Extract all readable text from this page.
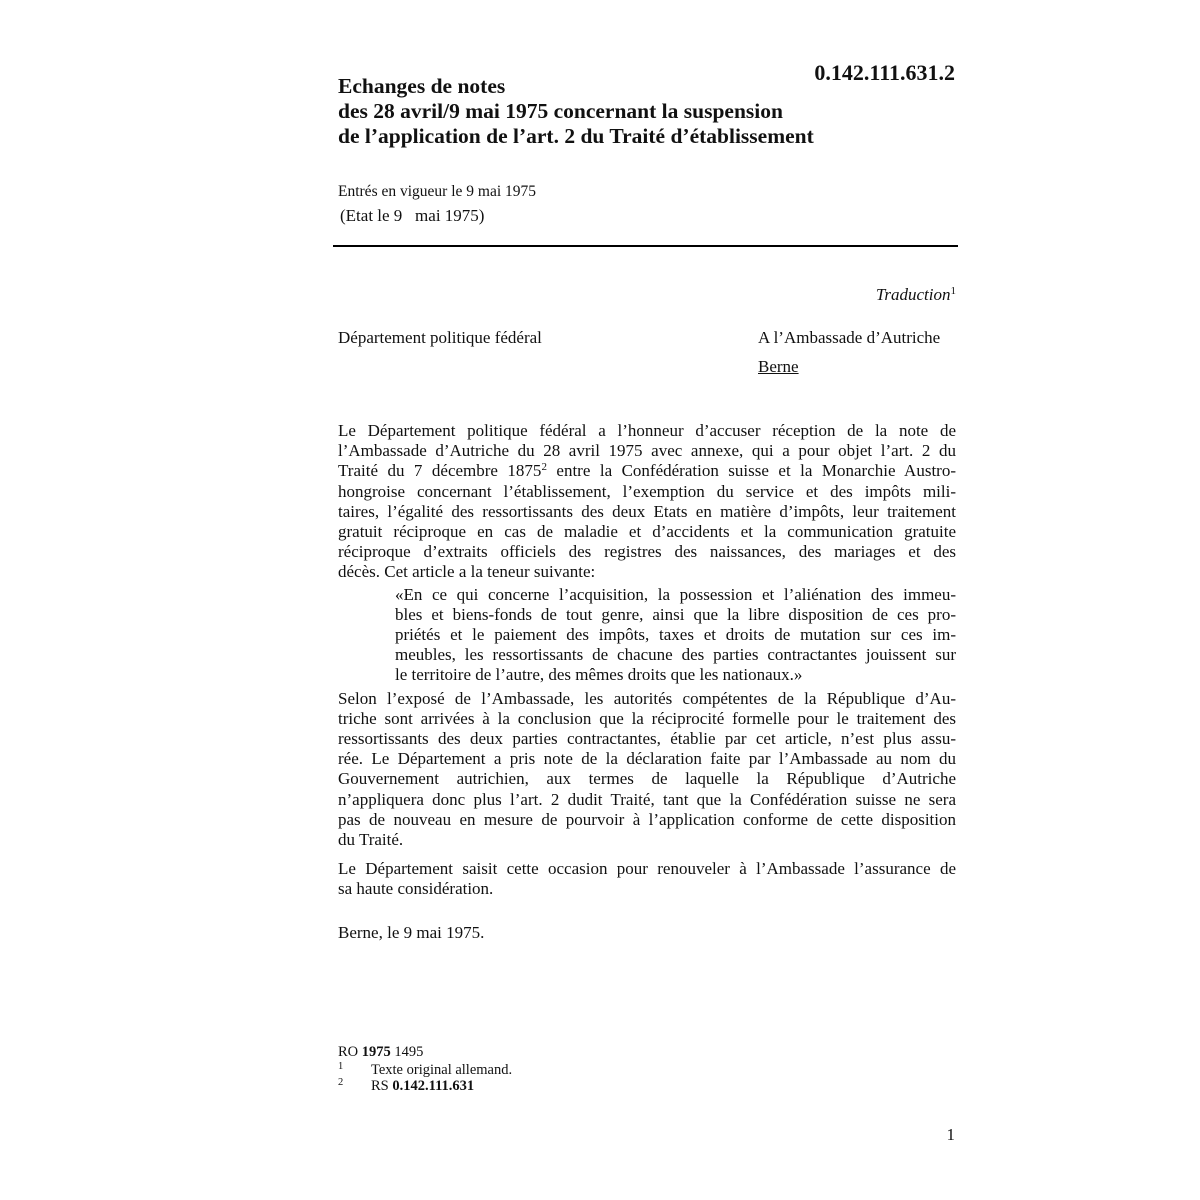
0.142.111.631.2
Echanges de notes
des 28 avril/9 mai 1975 concernant la suspension
de l’application de l’art. 2 du Traité d’établissement
Entrés en vigueur le 9 mai 1975
(Etat le 9   mai 1975)
Traduction$^1$
Département politique fédéral	A l’Ambassade d’Autriche
Berne

Le Département politique fédéral a l’honneur d’accuser réception de la note de
l’Ambassade d’Autriche du 28 avril 1975 avec annexe, qui a pour objet l’art. 2 du
Traité du 7 décembre 1875$^2$ entre la Confédération suisse et la Monarchie Austro-
hongroise concernant l’établissement, l’exemption du service et des impôts mili-
taires, l’égalité des ressortissants des deux Etats en matière d’impôts, leur traitement
gratuit réciproque en cas de maladie et d’accidents et la communication gratuite
réciproque d’extraits officiels des registres des naissances, des mariages et des
décès. Cet article a la teneur suivante:

«En ce qui concerne l’acquisition, la possession et l’aliénation des immeu-
bles et biens-fonds de tout genre, ainsi que la libre disposition de ces pro-
priétés et le paiement des impôts, taxes et droits de mutation sur ces im-
meubles, les ressortissants de chacune des parties contractantes jouissent sur
le territoire de l’autre, des mêmes droits que les nationaux.»

Selon l’exposé de l’Ambassade, les autorités compétentes de la République d’Au-
triche sont arrivées à la conclusion que la réciprocité formelle pour le traitement des
ressortissants des deux parties contractantes, établie par cet article, n’est plus assu-
rée. Le Département a pris note de la déclaration faite par l’Ambassade au nom du
Gouvernement autrichien, aux termes de laquelle la République d’Autriche
n’appliquera donc plus l’art. 2 dudit Traité, tant que la Confédération suisse ne sera
pas de nouveau en mesure de pourvoir à l’application conforme de cette disposition
du Traité.

Le Département saisit cette occasion pour renouveler à l’Ambassade l’assurance de
sa haute considération.

Berne, le 9 mai 1975.

RO 1975 1495
1	Texte original allemand.
2	RS 0.142.111.631
1
